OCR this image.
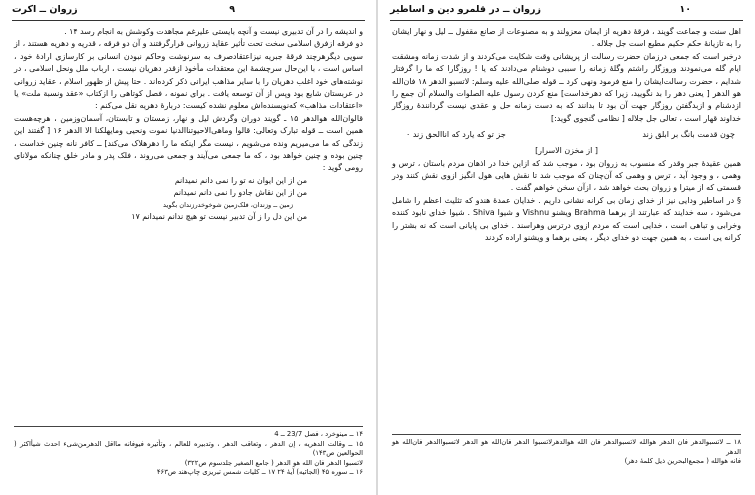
۱۰
زروان ــ در قلمرو دین و اساطیر

اهل سنت و جماعت گویند ، فرقهٔ دهریه از ایمان معزولند و به مصنوعات از صانع مقفول ــ لیل و نهار ایشان را به تازیانهٔ حکم حکیم مطیع است جل جلاله .

درخبر است که جمعی درزمان حضرت رسالت از پریشانی وقت شکایت می‌کردند و از شدت زمانه ومشقت ایام گله می‌نمودند وروزگار راشتم وگلهٔ زمانه را سببی دوشنام می‌دادند که یا ! روزگارا که ما را گرفتار شدایم ، حضرت رسالت‌ایشان را منع فرمود ونهی کرد ــ قوله صلی‌الله علیه وسلم: لاتسبو الدهر ۱۸ فان‌الله هو الدهر [ یعنی دهر را بد نگویید، زیرا که دهرخداست] منع کردن رسول علیه الصلوات والسلام آن جمع را ازدشنام و ازبدگفتن روزگار جهت آن بود تا بدانند که به دست زمانه حل و عقدی نیست گردانندهٔ روزگار خداوند قهار است ، تعالی جل جلاله [ نظامی گنجوی گوید:]

چون قدمت بانگ بر ابلق زند
جز تو که یارد که اناالحق زند ۰

[ از مخزن الاسرار]

همین عقیدهٔ جبر وقدر که منسوب به زروان بود ، موجب شد که ازاین خدا در اذهان مردم باستان ، ترس و وهمی ، و وجود آید ، ترس و وهمی که آن‌چنان که موجب شد تا نقش هایی هول انگیز ازوی نقش کنند ودر قسمتی که از میترا و زروان بحث خواهد شد ، ازآن سخن خواهم گفت .

§ در اساطیر ودایی نیز از خدای زمان بی کرانه نشانی داریم . خدایان عمدهٔ هندو که تثلیث اعظم را شامل می‌شود ، سه خدایند که عبارتند از برهما Brahma ویشنو Vishnu و شیوا Shiva . شیوا خدای نابود کننده وخرابی و تباهی است ، خدایی است که مردم ازوی درترس وهراسند . خدای بی پایانی است که نه بشتر را کرانه یی است ، به همین جهت دو خدای دیگر ، یعنی برهما و ویشنو اراده کردند

۱۸ ــ لاتسبوالدهر فان الدهر هوالله لاتسبوالدهر فان الله هوالدهرلاتسبوا الدهر فان‌الله هو الدهر لاتسبواالدهر فان‌الله هو الدهر

فانه هوالله ( مجمع‌البحرین ذیل کلمهٔ دهر)

۹
زروان ــ اکرت

و اندیشه را در آن تدبیری نیست و آنچه بایستی علیرغم مجاهدت وکوشش به انجام رسد ۱۴ .

دو فرقه ازفرق اسلامی سخت تحت تأثیر عقاید زروانی قرارگرفتند و آن دو فرقه ، قدریه و دهریه هستند ، از سویی دیگرهرچند فرقهٔ جبریه نیزاعتقادصرف به سرنوشت وحاکم نبودن انسانی بر کارسازی ارادهٔ خود ، اساس است ، با این‌حال سرچشمهٔ این معتقدات مأخوذ ازقدر دهریان نیست ، ارباب ملل ونحل اسلامی ، در نوشته‌های خود اغلب دهریان را با سایر مذاهب ایرانی ذکر کرده‌اند . حتا پیش از ظهور اسلام ، عقاید زروانی در عربستان شایع بود وپس از آن توسعه یافت . برای نمونه ، فصل کوتاهی را ازکتاب «عقد ونسبة ملت» یا «اعتقادات مذاهب» که‌نویسنده‌اش معلوم نشده کیست: دربارهٔ دهریه نقل می‌کنم :

قالوان‌الله هوالدهر ۱۵ ـ گویند دوران وگردش لیل و نهار، زمستان و تابستان، آسمان‌وزمین ، هرچه‌هست همین است ــ قوله تبارک وتعالی: قالوا وماهی‌الاحیوتناالدنیا نموت ونحیی ومایهلکنا الا الدهر ۱۶ [ گفتند این زندگی که ما می‌میریم ونده می‌شویم ، نیست مگر اینکه ما را دهرهلاک می‌کند] ــ کافر نانه چنین خداست ، چنین بوده و چنین خواهد بود ، که ما جمعی می‌آیند و جمعی می‌روند ، فلک پدر و مادر خلق چنانکه مولانای رومی گوید :

من از این ایوان نه تو را نمی دانم نمیدانم

من از این نقاش جادو را نمی دانم نمیدانم

زمین ــ وزندان، فلک‌زمین شوخوخدرزندان بگوید

من این دل را ز آن تدبیر نیست تو هیچ ندانم نمیدانم ۱۷

۱۴ ــ مینوخرد ، فصل 23/7 ــ 4

۱۵ ــ وقالت الدهریه ، إن الدهر ، وتعاقب الدهر ، وتدبیره للعالم ، وتأثیره فیوفانه مااقل الدهرمن‌شی‌ء احدث شیأاکثر ( الحوالعین ص۱۴۳)

لاتسبوا الدهر فان الله هو الدهر ( جامع الصغیر جلدسوم ص۳۲۲)

۱۶ ــ سوره ۴۵ (الجاثیه) آیهٔ ۲۴ ۱۷ ــ کلیات شمس تبریزی چاپ‌هند ص۴۶۳
